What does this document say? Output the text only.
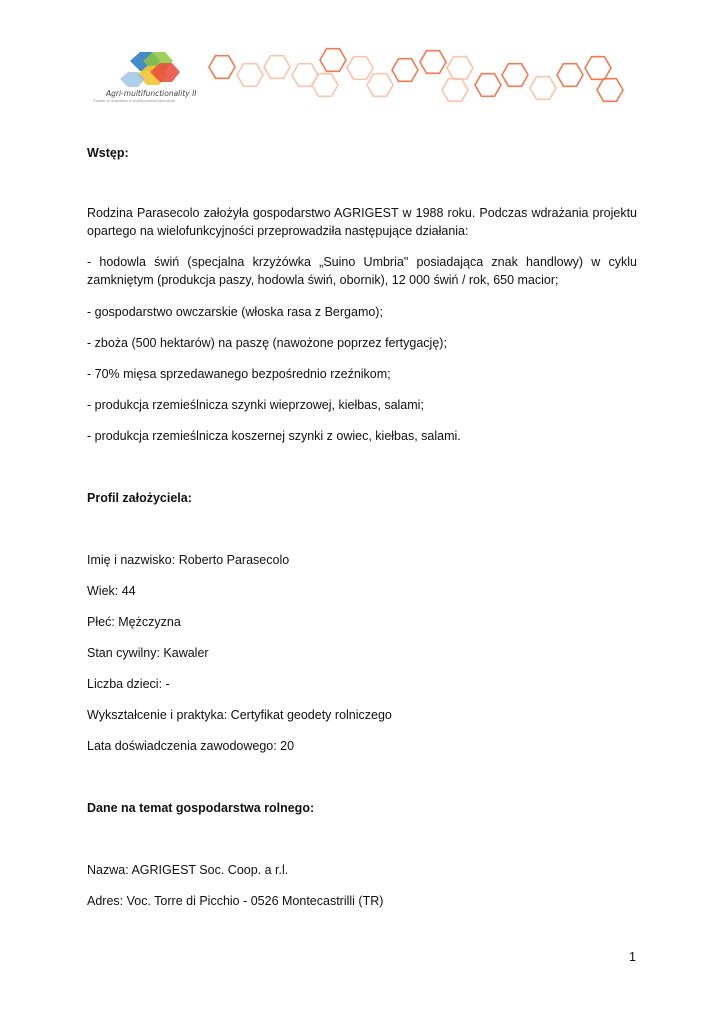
Agri-multifunctionality II
Transfer of innovation in multifunctional agriculture
Wstęp:
Rodzina Parasecolo założyła gospodarstwo AGRIGEST w 1988 roku. Podczas wdrażania projektu opartego na wielofunkcyjności przeprowadziła następujące działania:
- hodowla świń (specjalna krzyżówka „Suino Umbria" posiadająca znak handlowy) w cyklu zamkniętym (produkcja paszy, hodowla świń, obornik), 12 000 świń / rok, 650 macior;
- gospodarstwo owczarskie (włoska rasa z Bergamo);
- zboża (500 hektarów) na paszę (nawożone poprzez fertygację);
- 70% mięsa sprzedawanego bezpośrednio rzeźnikom;
- produkcja rzemieślnicza szynki wieprzowej, kiełbas, salami;
- produkcja rzemieślnicza koszernej szynki z owiec, kiełbas, salami.
Profil założyciela:
Imię i nazwisko: Roberto Parasecolo
Wiek: 44
Płeć: Mężczyzna
Stan cywilny: Kawaler
Liczba dzieci: -
Wykształcenie i praktyka: Certyfikat geodety rolniczego
Lata doświadczenia zawodowego: 20
Dane na temat gospodarstwa rolnego:
Nazwa: AGRIGEST Soc. Coop. a r.l.
Adres: Voc. Torre di Picchio - 0526 Montecastrilli (TR)
1
